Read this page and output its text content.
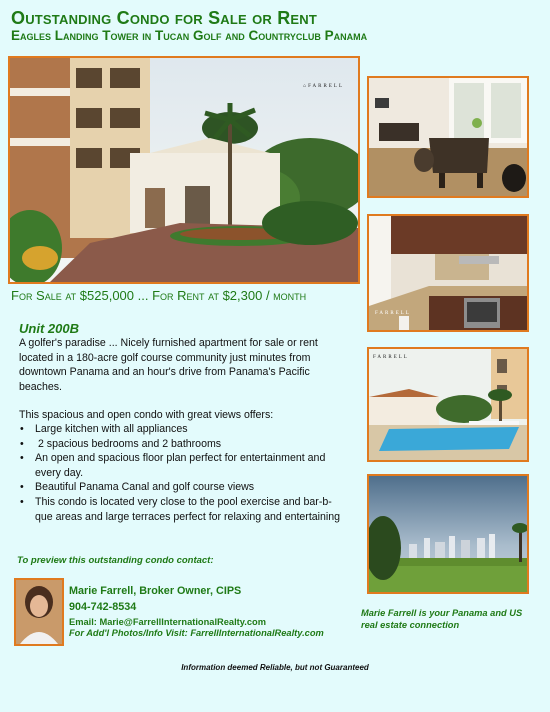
Outstanding Condo for Sale or Rent
Eagles Landing Tower in Tucan Golf and Countryclub Panama
⌂FARRELL
FARRELL
FARRELL
For Sale at $525,000 ... For Rent at $2,300 / month
Unit 200B
A golfer's paradise ... Nicely furnished apartment for sale or rent located in a 180-acre golf course community just minutes from downtown Panama and an hour's drive from Panama's Pacific beaches.
This spacious and open condo with great views offers:
• Large kitchen with all appliances
•  2 spacious bedrooms and 2 bathrooms
• An open and spacious floor plan perfect for entertainment and every day.
• Beautiful Panama Canal and golf course views
• This condo is located very close to the pool exercise and bar-b-que areas and large terraces perfect for relaxing and entertaining
To preview this outstanding condo contact:
Marie Farrell, Broker Owner, CIPS
904-742-8534
Email: Marie@FarrellInternationalRealty.com
For Add'l Photos/Info Visit: FarrellInternationalRealty.com
Marie Farrell is your Panama and US real estate connection
Information deemed Reliable, but not Guaranteed
